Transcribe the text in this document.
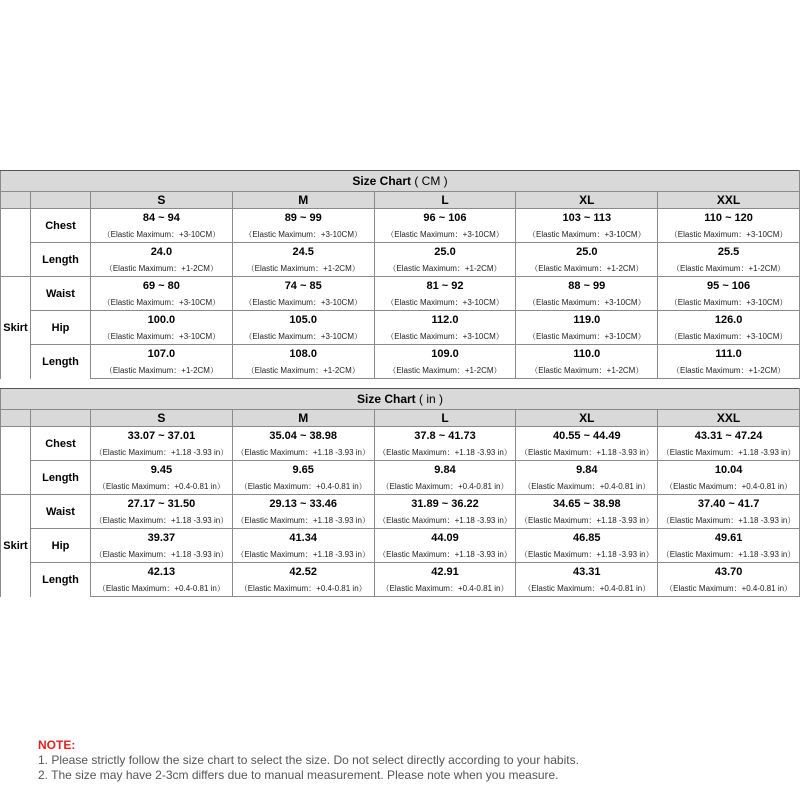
Size Chart ( CM )						
		S	M	L	XL	XXL
	Chest	84 ~ 94	89 ~ 99	96 ~ 106	103 ~ 113	110 ~ 120
		（Elastic Maximum：+3-10CM）	（Elastic Maximum：+3-10CM）	（Elastic Maximum：+3-10CM）	（Elastic Maximum：+3-10CM）	（Elastic Maximum：+3-10CM）
	Length	24.0	24.5	25.0	25.0	25.5
		（Elastic Maximum：+1-2CM）	（Elastic Maximum：+1-2CM）	（Elastic Maximum：+1-2CM）	（Elastic Maximum：+1-2CM）	（Elastic Maximum：+1-2CM）
Skirt	Waist	69 ~ 80	74 ~ 85	81 ~ 92	88 ~ 99	95 ~ 106
		（Elastic Maximum：+3-10CM）	（Elastic Maximum：+3-10CM）	（Elastic Maximum：+3-10CM）	（Elastic Maximum：+3-10CM）	（Elastic Maximum：+3-10CM）
	Hip	100.0	105.0	112.0	119.0	126.0
		（Elastic Maximum：+3-10CM）	（Elastic Maximum：+3-10CM）	（Elastic Maximum：+3-10CM）	（Elastic Maximum：+3-10CM）	（Elastic Maximum：+3-10CM）
	Length	107.0	108.0	109.0	110.0	111.0
		（Elastic Maximum：+1-2CM）	（Elastic Maximum：+1-2CM）	（Elastic Maximum：+1-2CM）	（Elastic Maximum：+1-2CM）	（Elastic Maximum：+1-2CM）
Size Chart ( in )						
		S	M	L	XL	XXL
	Chest	33.07 ~ 37.01	35.04 ~ 38.98	37.8 ~ 41.73	40.55 ~ 44.49	43.31 ~ 47.24
		（Elastic Maximum：+1.18 -3.93 in）	（Elastic Maximum：+1.18 -3.93 in）	（Elastic Maximum：+1.18 -3.93 in）	（Elastic Maximum：+1.18 -3.93 in）	（Elastic Maximum：+1.18 -3.93 in）
	Length	9.45	9.65	9.84	9.84	10.04
		（Elastic Maximum：+0.4-0.81 in）	（Elastic Maximum：+0.4-0.81 in）	（Elastic Maximum：+0.4-0.81 in）	（Elastic Maximum：+0.4-0.81 in）	（Elastic Maximum：+0.4-0.81 in）
Skirt	Waist	27.17 ~ 31.50	29.13 ~ 33.46	31.89 ~ 36.22	34.65 ~ 38.98	37.40 ~ 41.7
		（Elastic Maximum：+1.18 -3.93 in）	（Elastic Maximum：+1.18 -3.93 in）	（Elastic Maximum：+1.18 -3.93 in）	（Elastic Maximum：+1.18 -3.93 in）	（Elastic Maximum：+1.18 -3.93 in）
	Hip	39.37	41.34	44.09	46.85	49.61
		（Elastic Maximum：+1.18 -3.93 in）	（Elastic Maximum：+1.18 -3.93 in）	（Elastic Maximum：+1.18 -3.93 in）	（Elastic Maximum：+1.18 -3.93 in）	（Elastic Maximum：+1.18 -3.93 in）
	Length	42.13	42.52	42.91	43.31	43.70
		（Elastic Maximum：+0.4-0.81 in）	（Elastic Maximum：+0.4-0.81 in）	（Elastic Maximum：+0.4-0.81 in）	（Elastic Maximum：+0.4-0.81 in）	（Elastic Maximum：+0.4-0.81 in）
NOTE:
1. Please strictly follow the size chart to select the size. Do not select directly according to your habits.
2. The size may have 2-3cm differs due to manual measurement. Please note when you measure.
